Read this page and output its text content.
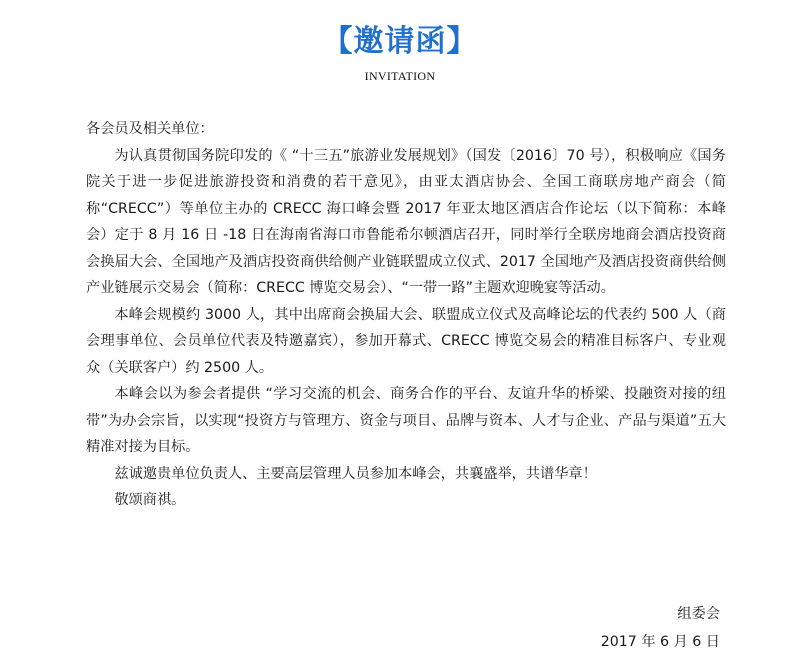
【邀请函】
INVITATION

各会员及相关单位：

为认真贯彻国务院印发的《 “十三五”旅游业发展规划》（国发〔2016〕70 号），积极响应《国务院关于进一步促进旅游投资和消费的若干意见》，由亚太酒店协会、全国工商联房地产商会（简称“CRECC”）等单位主办的 CRECC 海口峰会暨 2017 年亚太地区酒店合作论坛（以下简称：本峰会）定于 8 月 16 日 -18 日在海南省海口市鲁能希尔顿酒店召开，同时举行全联房地商会酒店投资商会换届大会、全国地产及酒店投资商供给侧产业链联盟成立仪式、2017 全国地产及酒店投资商供给侧产业链展示交易会（简称：CRECC 博览交易会）、“一带一路”主题欢迎晚宴等活动。

本峰会规模约 3000 人，其中出席商会换届大会、联盟成立仪式及高峰论坛的代表约 500 人（商会理事单位、会员单位代表及特邀嘉宾），参加开幕式、CRECC 博览交易会的精准目标客户、专业观众（关联客户）约 2500 人。

本峰会以为参会者提供 “学习交流的机会、商务合作的平台、友谊升华的桥梁、投融资对接的纽带”为办会宗旨，以实现“投资方与管理方、资金与项目、品牌与资本、人才与企业、产品与渠道”五大精准对接为目标。

兹诚邀贵单位负责人、主要高层管理人员参加本峰会，共襄盛举，共谱华章！

敬颂商祺。

组委会
2017 年 6 月 6 日
